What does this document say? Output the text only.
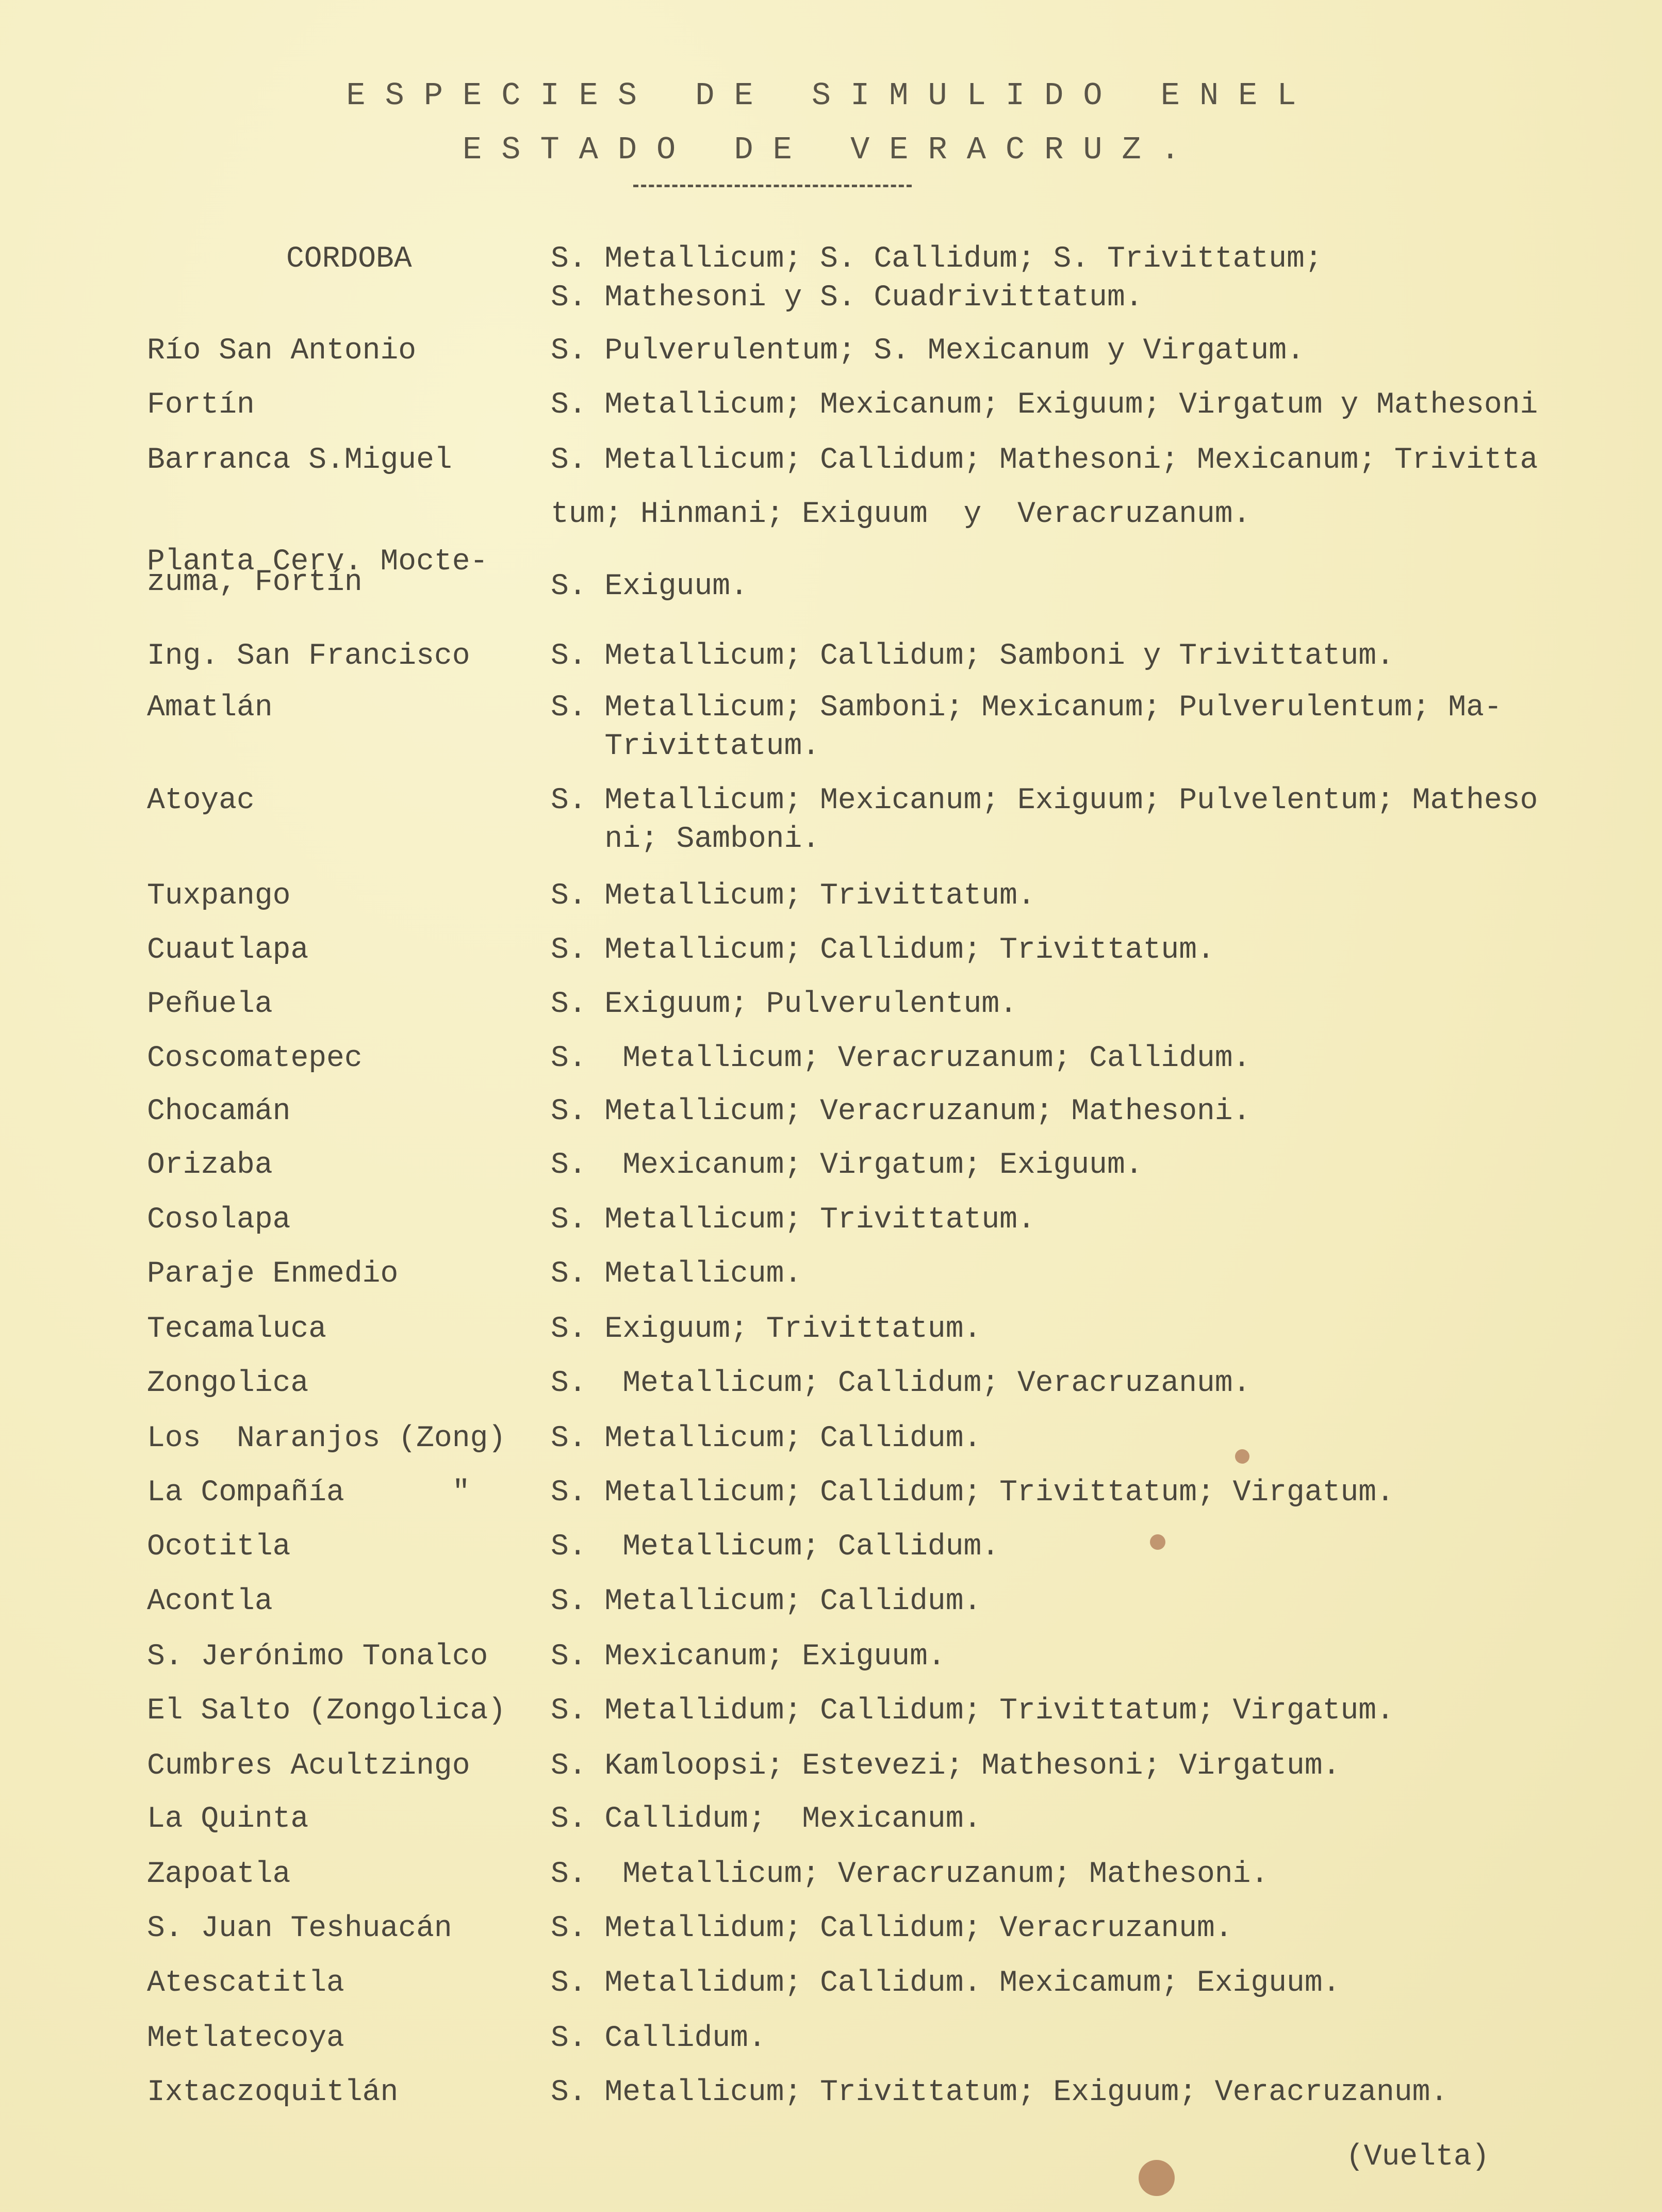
ESPECIES DE SIMULIDO ENEL
ESTADO DE VERACRUZ.
CORDOBA	S. Metallicum; S. Callidum; S. Trivittatum;
S. Mathesoni y S. Cuadrivittatum.
Río San Antonio	S. Pulverulentum; S. Mexicanum y Virgatum.
Fortín	S. Metallicum; Mexicanum; Exiguum; Virgatum y Mathesoni
Barranca S.Miguel	S. Metallicum; Callidum; Mathesoni; Mexicanum; Trivitta
tum; Hinmani; Exiguum  y  Veracruzanum.
Planta Cerv. Mocte-
zuma, Fortín	S. Exiguum.
Ing. San Francisco	S. Metallicum; Callidum; Samboni y Trivittatum.
Amatlán	S. Metallicum; Samboni; Mexicanum; Pulverulentum; Ma-
Trivittatum.
Atoyac	S. Metallicum; Mexicanum; Exiguum; Pulvelentum; Matheso
ni; Samboni.
Tuxpango	S. Metallicum; Trivittatum.
Cuautlapa	S. Metallicum; Callidum; Trivittatum.
Peñuela	S. Exiguum; Pulverulentum.
Coscomatepec	S.  Metallicum; Veracruzanum; Callidum.
Chocamán	S. Metallicum; Veracruzanum; Mathesoni.
Orizaba	S.  Mexicanum; Virgatum; Exiguum.
Cosolapa	S. Metallicum; Trivittatum.
Paraje Enmedio	S. Metallicum.
Tecamaluca	S. Exiguum; Trivittatum.
Zongolica	S.  Metallicum; Callidum; Veracruzanum.
Los  Naranjos (Zong) S. Metallicum; Callidum.
La Compañía      "	S. Metallicum; Callidum; Trivittatum; Virgatum.
Ocotitla	S.  Metallicum; Callidum.
Acontla	S. Metallicum; Callidum.
S. Jerónimo Tonalco S. Mexicanum; Exiguum.
El Salto (Zongolica) S. Metallidum; Callidum; Trivittatum; Virgatum.
Cumbres Acultzingo	S. Kamloopsi; Estevezi; Mathesoni; Virgatum.
La Quinta	S. Callidum;  Mexicanum.
Zapoatla	S.  Metallicum; Veracruzanum; Mathesoni.
S. Juan Teshuacán	S. Metallidum; Callidum; Veracruzanum.
Atescatitla	S. Metallidum; Callidum. Mexicamum; Exiguum.
Metlatecoya	S. Callidum.
Ixtaczoquitlán	S. Metallicum; Trivittatum; Exiguum; Veracruzanum.
(Vuelta)
